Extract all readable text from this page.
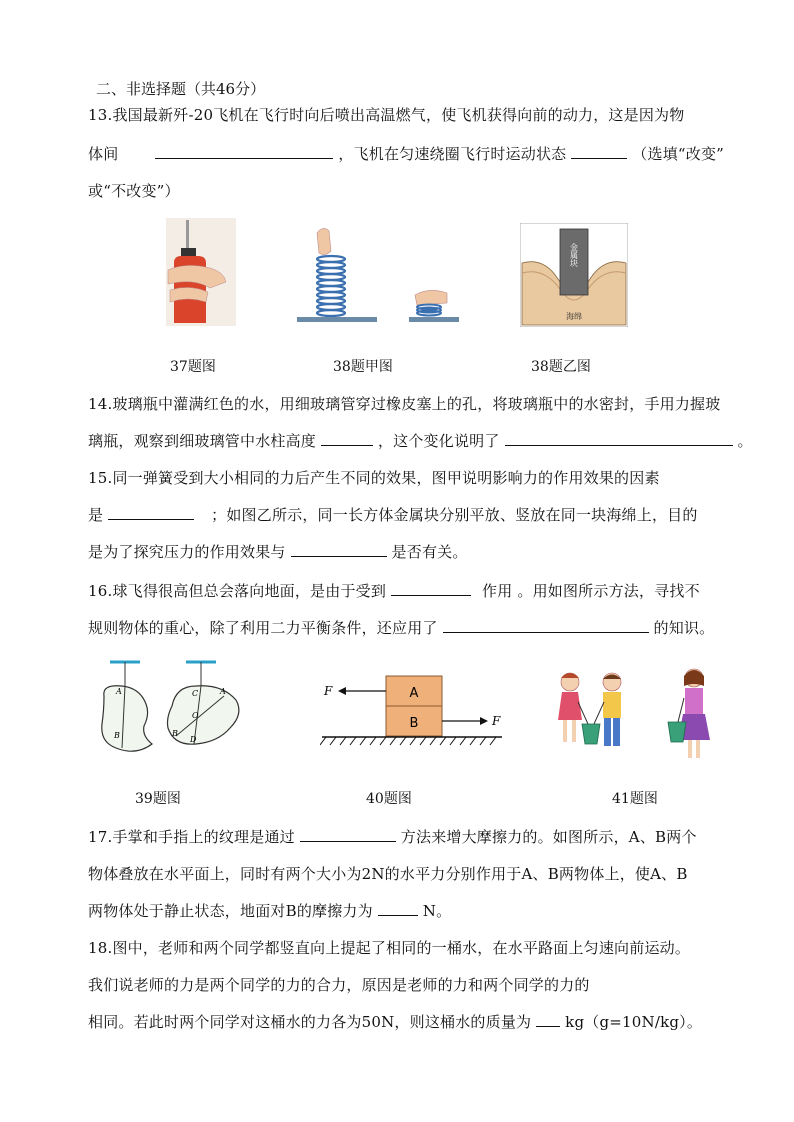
二、非选择题（共46分）
13.我国最新歼-20飞机在飞行时向后喷出高温燃气，使飞机获得向前的动力，这是因为物
体间	，飞机在匀速绕圈飞行时运动状态	（选填“改变”
或“不改变”）
金属块
海绵
37题图	38题甲图	38题乙图
14.玻璃瓶中灌满红色的水，用细玻璃管穿过橡皮塞上的孔，将玻璃瓶中的水密封，手用力握玻
璃瓶，观察到细玻璃管中水柱高度	，这个变化说明了	。
15.同一弹簧受到大小相同的力后产生不同的效果，图甲说明影响力的作用效果的因素
是	；如图乙所示，同一长方体金属块分别平放、竖放在同一块海绵上，目的
是为了探究压力的作用效果与	是否有关。
16.球飞得很高但总会落向地面，是由于受到	作用 。用如图所示方法，寻找不
规则物体的重心，除了利用二力平衡条件，还应用了	的知识。
A
B
C
O
A
B
D
A
B
F
F
39题图	40题图	41题图
17.手掌和手指上的纹理是通过	方法来增大摩擦力的。如图所示，A、B两个
物体叠放在水平面上，同时有两个大小为2N的水平力分别作用于A、B两物体上，使A、B
两物体处于静止状态，地面对B的摩擦力为	N。
18.图中，老师和两个同学都竖直向上提起了相同的一桶水，在水平路面上匀速向前运动。
我们说老师的力是两个同学的力的合力，原因是老师的力和两个同学的力的
相同。若此时两个同学对这桶水的力各为50N，则这桶水的质量为 kg（g=10N/kg）。
